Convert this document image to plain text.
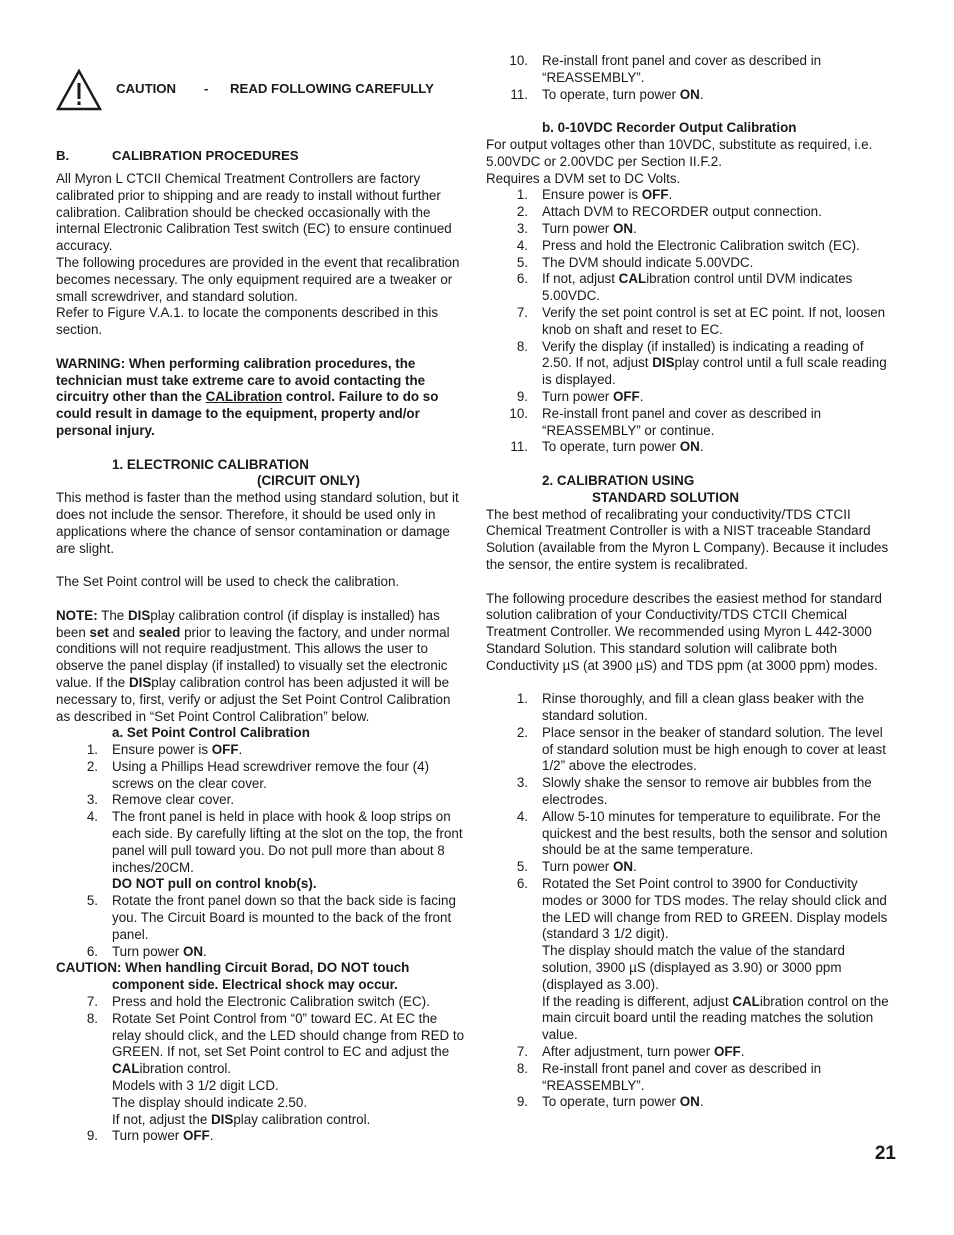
CAUTION - READ FOLLOWING CAREFULLY
B.	CALIBRATION PROCEDURES

All Myron L CTCII Chemical Treatment Controllers are factory calibrated prior to shipping and are ready to install without further calibration. Calibration should be checked occasionally with the internal Electronic Calibration Test switch (EC) to ensure continued accuracy.

The following procedures are provided in the event that recalibration becomes necessary. The only equipment required are a tweaker or small screwdriver, and standard solution.

Refer to Figure V.A.1. to locate the components described in this section.

WARNING: When performing calibration procedures, the technician must take extreme care to avoid contacting the circuitry other than the CALibration control. Failure to do so could result in damage to the equipment, property and/or personal injury.

1. ELECTRONIC CALIBRATION

(CIRCUIT ONLY)

This method is faster than the method using standard solution, but it does not include the sensor. Therefore, it should be used only in applications where the chance of sensor contamination or damage are slight.

The Set Point control will be used to check the calibration.

NOTE: The DISplay calibration control (if display is installed) has been set and sealed prior to leaving the factory, and under normal conditions will not require readjustment. This allows the user to observe the panel display (if installed) to visually set the electronic value. If the DISplay calibration control has been adjusted it will be necessary to, first, verify or adjust the Set Point Control Calibration as described in “Set Point Control Calibration” below.

a. Set Point Control Calibration

1. Ensure power is OFF.
2. Using a Phillips Head screwdriver remove the four (4) screws on the clear cover.
3. Remove clear cover.
4. The front panel is held in place with hook & loop strips on each side. By carefully lifting at the slot on the top, the front panel will pull toward you. Do not pull more than about 8 inches/20CM.
DO NOT pull on control knob(s).
5. Rotate the front panel down so that the back side is facing you. The Circuit Board is mounted to the back of the front panel.
6. Turn power ON.

CAUTION: When handling Circuit Borad, DO NOT touch component side. Electrical shock may occur.

7. Press and hold the Electronic Calibration switch (EC).
8. Rotate Set Point Control from “0” toward EC. At EC the relay should click, and the LED should change from RED to GREEN. If not, set Set Point control to EC and adjust the CALibration control.
Models with 3 1/2 digit LCD.
The display should indicate 2.50.
If not, adjust the DISplay calibration control.
9. Turn power OFF.
10. Re-install front panel and cover as described in “REASSEMBLY”.
11. To operate, turn power ON.

b. 0-10VDC Recorder Output Calibration

For output voltages other than 10VDC, substitute as required, i.e. 5.00VDC or 2.00VDC per Section II.F.2.

Requires a DVM set to DC Volts.

1. Ensure power is OFF.
2. Attach DVM to RECORDER output connection.
3. Turn power ON.
4. Press and hold the Electronic Calibration switch (EC).
5. The DVM should indicate 5.00VDC.
6. If not, adjust CALibration control until DVM indicates 5.00VDC.
7. Verify the set point control is set at EC point. If not, loosen knob on shaft and reset to EC.
8. Verify the display (if installed) is indicating a reading of 2.50. If not, adjust DISplay control until a full scale reading is displayed.
9. Turn power OFF.
10. Re-install front panel and cover as described in “REASSEMBLY” or continue.
11. To operate, turn power ON.

2. CALIBRATION USING

STANDARD SOLUTION

The best method of recalibrating your conductivity/TDS CTCII Chemical Treatment Controller is with a NIST traceable Standard Solution (available from the Myron L Company). Because it includes the sensor, the entire system is recalibrated.

The following procedure describes the easiest method for standard solution calibration of your Conductivity/TDS CTCII Chemical Treatment Controller. We recommended using Myron L 442-3000 Standard Solution. This standard solution will calibrate both Conductivity µS (at 3900 µS) and TDS ppm (at 3000 ppm) modes.

1. Rinse thoroughly, and fill a clean glass beaker with the standard solution.
2. Place sensor in the beaker of standard solution. The level of standard solution must be high enough to cover at least 1/2” above the electrodes.
3. Slowly shake the sensor to remove air bubbles from the electrodes.
4. Allow 5-10 minutes for temperature to equilibrate. For the quickest and the best results, both the sensor and solution should be at the same temperature.
5. Turn power ON.
6. Rotated the Set Point control to 3900 for Conductivity modes or 3000 for TDS modes. The relay should click and the LED will change from RED to GREEN. Display models (standard 3 1/2 digit).
The display should match the value of the standard solution, 3900 µS (displayed as 3.90) or 3000 ppm (displayed as 3.00).
If the reading is different, adjust CALibration control on the main circuit board until the reading matches the solution value.
7. After adjustment, turn power OFF.
8. Re-install front panel and cover as described in “REASSEMBLY”.
9. To operate, turn power ON.
21
